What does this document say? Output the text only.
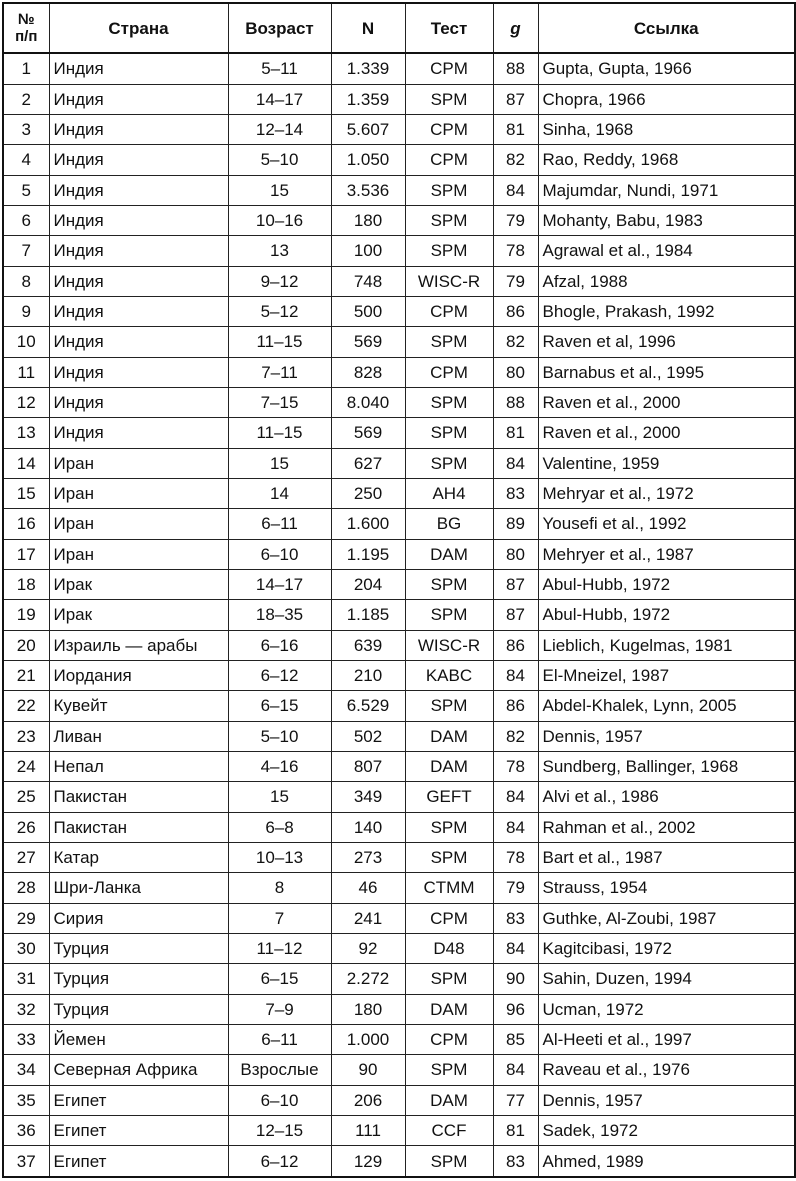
№
п/п	Страна	Возраст	N	Тест	g	Ссылка
1	Индия	5–11	1.339	CPM	88	Gupta, Gupta, 1966
2	Индия	14–17	1.359	SPM	87	Chopra, 1966
3	Индия	12–14	5.607	CPM	81	Sinha, 1968
4	Индия	5–10	1.050	CPM	82	Rao, Reddy, 1968
5	Индия	15	3.536	SPM	84	Majumdar, Nundi, 1971
6	Индия	10–16	180	SPM	79	Mohanty, Babu, 1983
7	Индия	13	100	SPM	78	Agrawal et al., 1984
8	Индия	9–12	748	WISC-R	79	Afzal, 1988
9	Индия	5–12	500	CPM	86	Bhogle, Prakash, 1992
10	Индия	11–15	569	SPM	82	Raven et al, 1996
11	Индия	7–11	828	CPM	80	Barnabus et al., 1995
12	Индия	7–15	8.040	SPM	88	Raven et al., 2000
13	Индия	11–15	569	SPM	81	Raven et al., 2000
14	Иран	15	627	SPM	84	Valentine, 1959
15	Иран	14	250	AH4	83	Mehryar et al., 1972
16	Иран	6–11	1.600	BG	89	Yousefi et al., 1992
17	Иран	6–10	1.195	DAM	80	Mehryer et al., 1987
18	Ирак	14–17	204	SPM	87	Abul-Hubb, 1972
19	Ирак	18–35	1.185	SPM	87	Abul-Hubb, 1972
20	Израиль — арабы	6–16	639	WISC-R	86	Lieblich, Kugelmas, 1981
21	Иордания	6–12	210	KABC	84	El-Mneizel, 1987
22	Кувейт	6–15	6.529	SPM	86	Abdel-Khalek, Lynn, 2005
23	Ливан	5–10	502	DAM	82	Dennis, 1957
24	Непал	4–16	807	DAM	78	Sundberg, Ballinger, 1968
25	Пакистан	15	349	GEFT	84	Alvi et al., 1986
26	Пакистан	6–8	140	SPM	84	Rahman et al., 2002
27	Катар	10–13	273	SPM	78	Bart et al., 1987
28	Шри-Ланка	8	46	CTMM	79	Strauss, 1954
29	Сирия	7	241	CPM	83	Guthke, Al-Zoubi, 1987
30	Турция	11–12	92	D48	84	Kagitcibasi, 1972
31	Турция	6–15	2.272	SPM	90	Sahin, Duzen, 1994
32	Турция	7–9	180	DAM	96	Ucman, 1972
33	Йемен	6–11	1.000	CPM	85	Al-Heeti et al., 1997
34	Северная Африка	Взрослые	90	SPM	84	Raveau et al., 1976
35	Египет	6–10	206	DAM	77	Dennis, 1957
36	Египет	12–15	111	CCF	81	Sadek, 1972
37	Египет	6–12	129	SPM	83	Ahmed, 1989
